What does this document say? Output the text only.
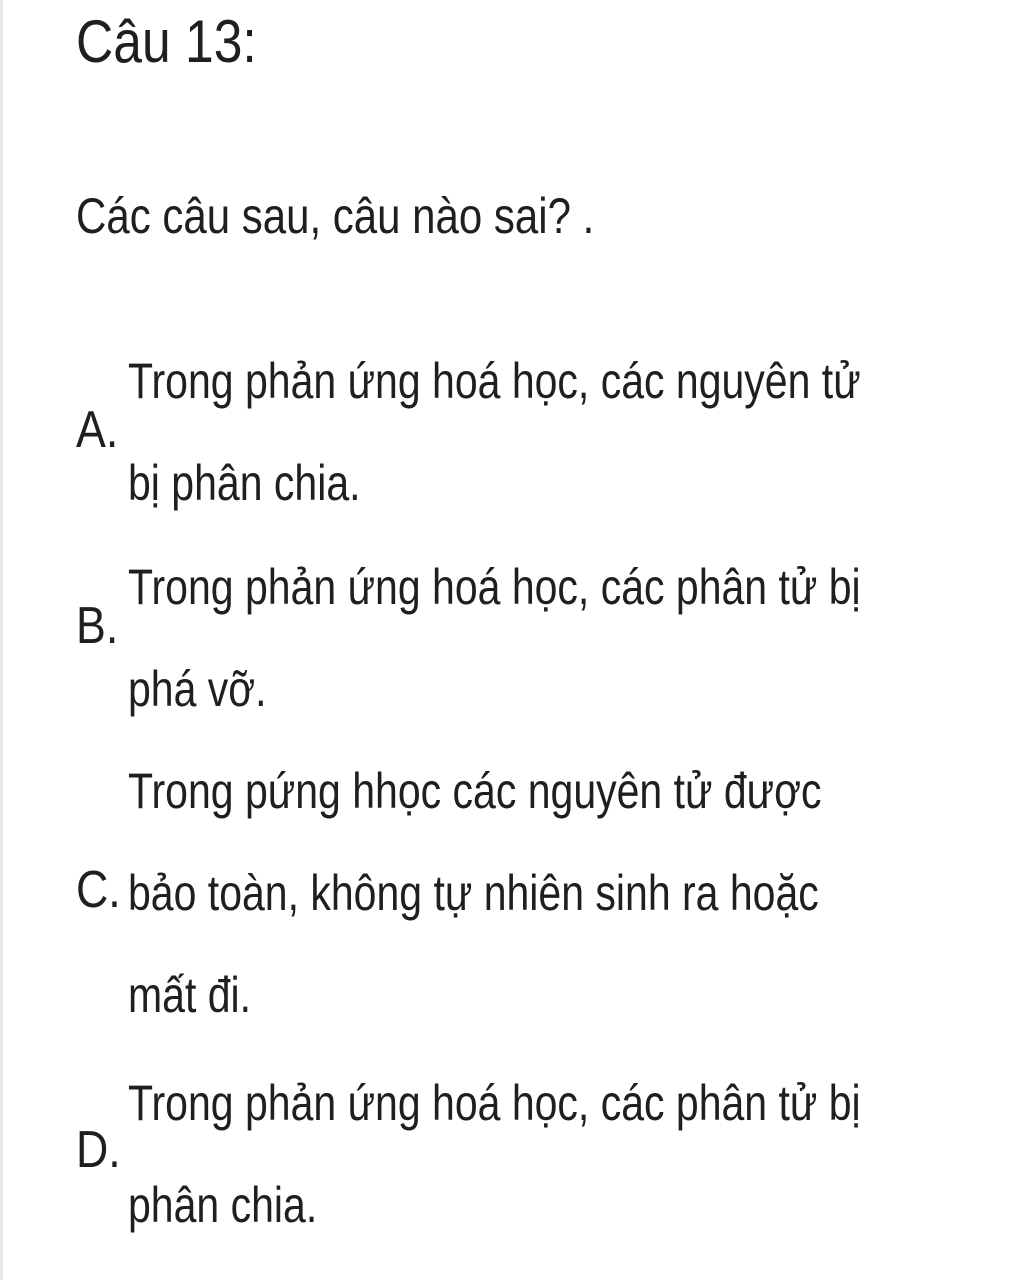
Câu 13:
Các câu sau, câu nào sai? .
A.
Trong phản ứng hoá học, các nguyên tử
bị phân chia.
B.
Trong phản ứng hoá học, các phân tử bị
phá vỡ.
C.
Trong pứng hhọc các nguyên tử được
bảo toàn, không tự nhiên sinh ra hoặc
mất đi.
D.
Trong phản ứng hoá học, các phân tử bị
phân chia.
